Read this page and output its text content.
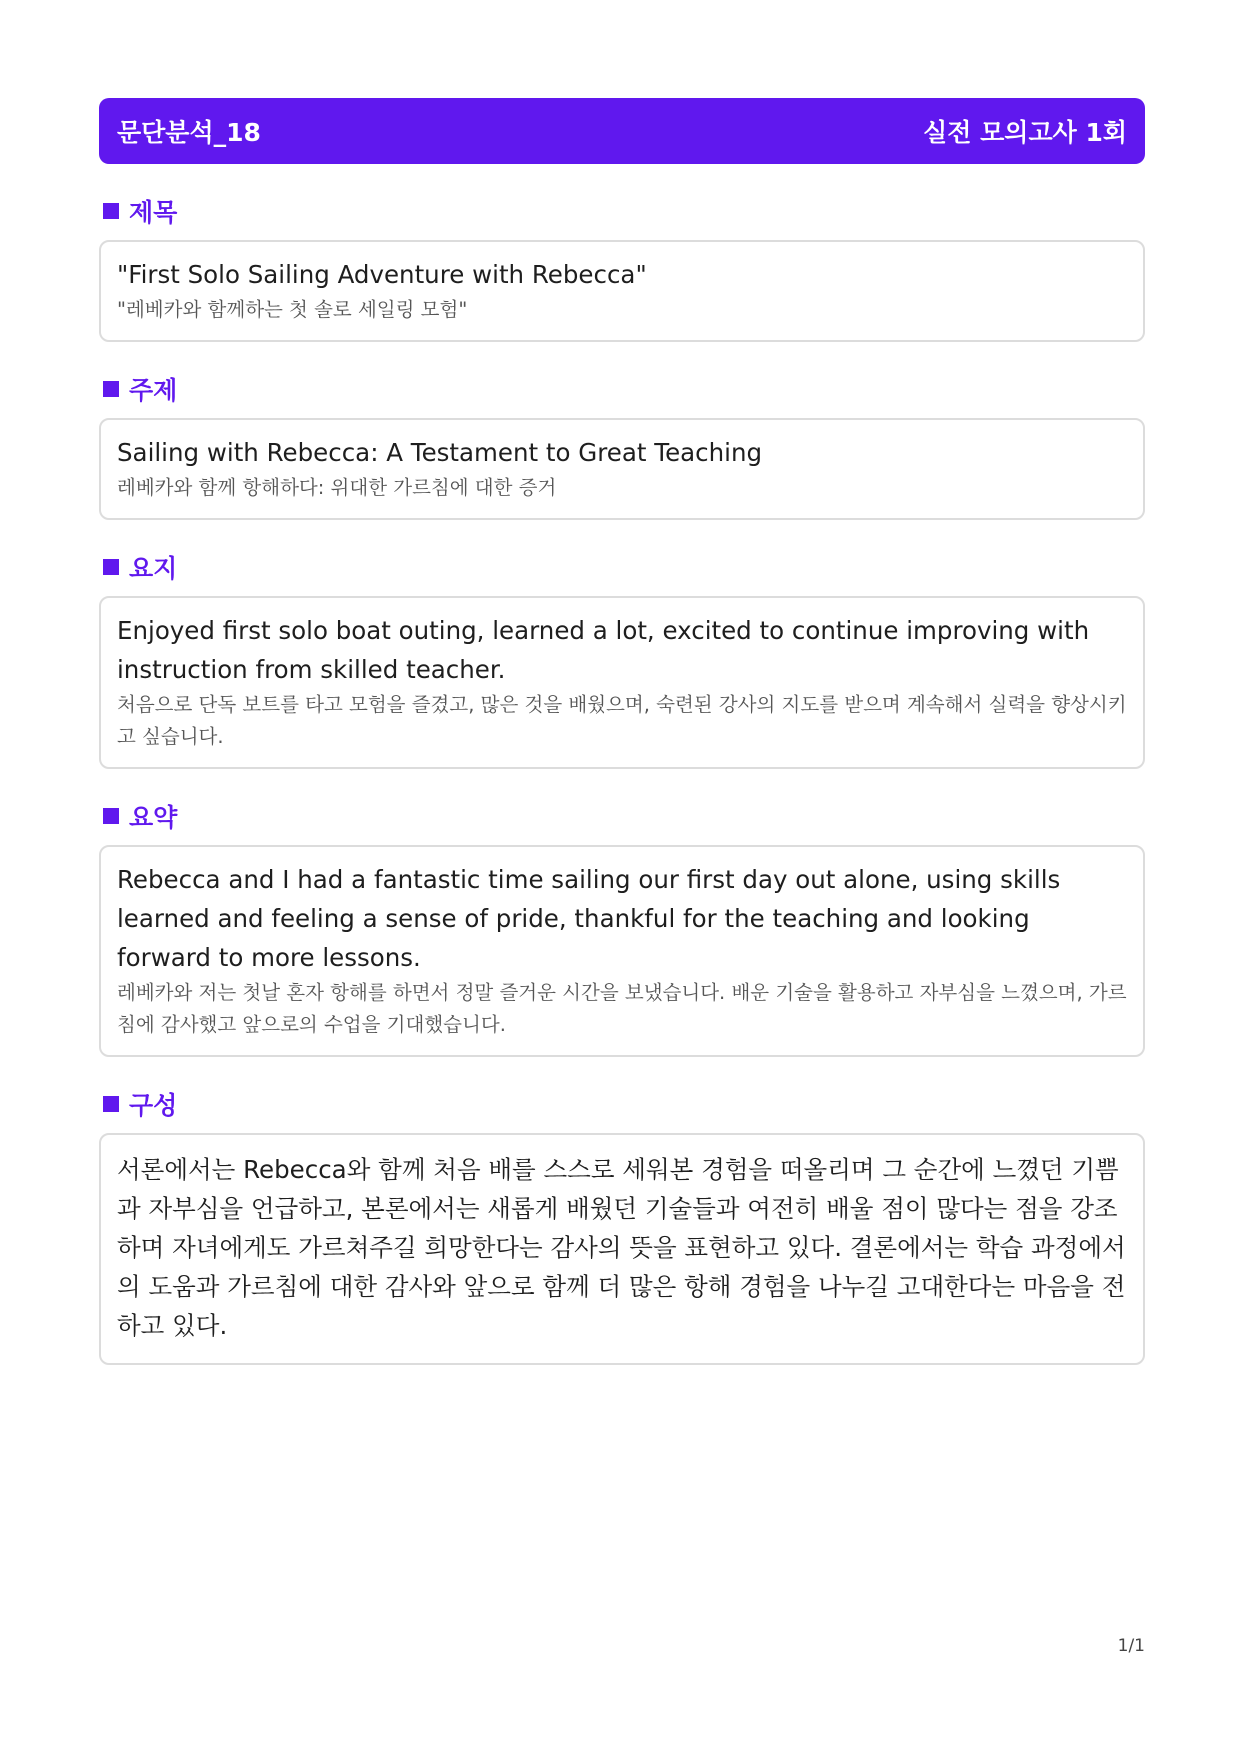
문단분석_18	실전 모의고사 1회
제목

"First Solo Sailing Adventure with Rebecca"

"레베카와 함께하는 첫 솔로 세일링 모험"

주제

Sailing with Rebecca: A Testament to Great Teaching

레베카와 함께 항해하다: 위대한 가르침에 대한 증거

요지

Enjoyed first solo boat outing, learned a lot, excited to continue improving with instruction from skilled teacher.

처음으로 단독 보트를 타고 모험을 즐겼고, 많은 것을 배웠으며, 숙련된 강사의 지도를 받으며 계속해서 실력을 향상시키고 싶습니다.

요약

Rebecca and I had a fantastic time sailing our first day out alone, using skills learned and feeling a sense of pride, thankful for the teaching and looking forward to more lessons.

레베카와 저는 첫날 혼자 항해를 하면서 정말 즐거운 시간을 보냈습니다. 배운 기술을 활용하고 자부심을 느꼈으며, 가르침에 감사했고 앞으로의 수업을 기대했습니다.

구성

서론에서는 Rebecca와 함께 처음 배를 스스로 세워본 경험을 떠올리며 그 순간에 느꼈던 기쁨과 자부심을 언급하고, 본론에서는 새롭게 배웠던 기술들과 여전히 배울 점이 많다는 점을 강조하며 자녀에게도 가르쳐주길 희망한다는 감사의 뜻을 표현하고 있다. 결론에서는 학습 과정에서의 도움과 가르침에 대한 감사와 앞으로 함께 더 많은 항해 경험을 나누길 고대한다는 마음을 전하고 있다.

1/1
